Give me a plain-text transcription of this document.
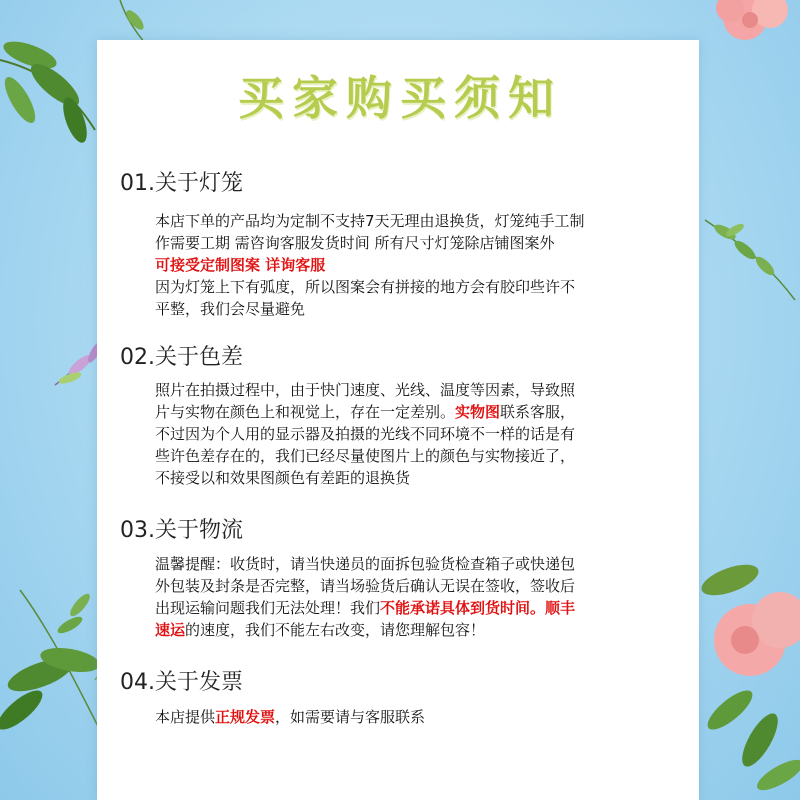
买家购买须知
01.关于灯笼

本店下单的产品均为定制不支持7天无理由退换货，灯笼纯手工制

作需要工期 需咨询客服发货时间 所有尺寸灯笼除店铺图案外

可接受定制图案 详询客服

因为灯笼上下有弧度，所以图案会有拼接的地方会有胶印些许不

平整，我们会尽量避免

02.关于色差

照片在拍摄过程中，由于快门速度、光线、温度等因素，导致照

片与实物在颜色上和视觉上，存在一定差别。实物图联系客服，

不过因为个人用的显示器及拍摄的光线不同环境不一样的话是有

些许色差存在的，我们已经尽量使图片上的颜色与实物接近了，

不接受以和效果图颜色有差距的退换货

03.关于物流

温馨提醒：收货时，请当快递员的面拆包验货检查箱子或快递包

外包装及封条是否完整，请当场验货后确认无误在签收，签收后

出现运输问题我们无法处理！我们不能承诺具体到货时间。顺丰

速运的速度，我们不能左右改变，请您理解包容！

04.关于发票

本店提供正规发票，如需要请与客服联系
